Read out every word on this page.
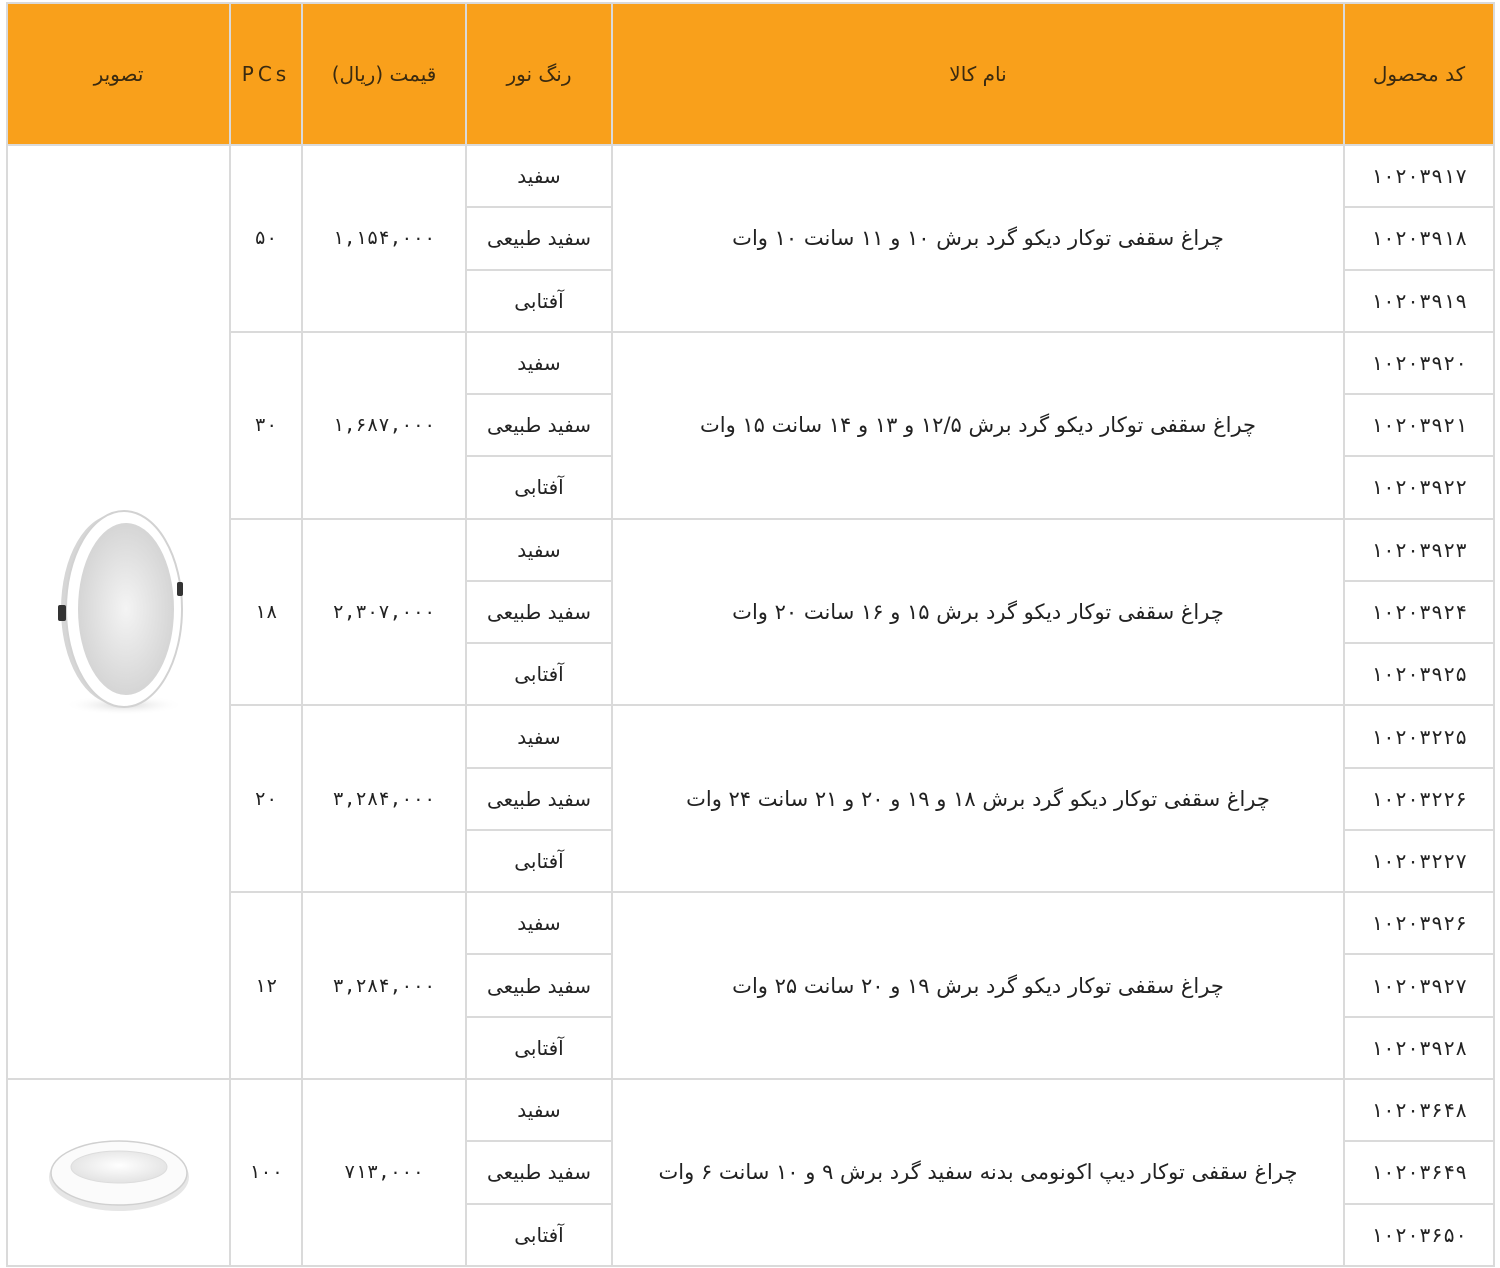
کد محصول	نام کالا	رنگ نور	قیمت (ریال)	PCs	تصویر
۱۰۲۰۳۹۱۷	چراغ سقفی توکار دیکو گرد برش ۱۰ و ۱۱ سانت ۱۰ وات	سفید	۱,۱۵۴,۰۰۰	۵۰	

۱۰۲۰۳۹۱۸		سفید طبیعی			
۱۰۲۰۳۹۱۹		آفتابی			
۱۰۲۰۳۹۲۰	چراغ سقفی توکار دیکو گرد برش ۱۲/۵ و ۱۳ و ۱۴ سانت ۱۵ وات	سفید	۱,۶۸۷,۰۰۰	۳۰	
۱۰۲۰۳۹۲۱		سفید طبیعی			
۱۰۲۰۳۹۲۲		آفتابی			
۱۰۲۰۳۹۲۳	چراغ سقفی توکار دیکو گرد برش ۱۵ و ۱۶ سانت ۲۰ وات	سفید	۲,۳۰۷,۰۰۰	۱۸	
۱۰۲۰۳۹۲۴		سفید طبیعی			
۱۰۲۰۳۹۲۵		آفتابی			
۱۰۲۰۳۲۲۵	چراغ سقفی توکار دیکو گرد برش ۱۸ و ۱۹ و ۲۰ و ۲۱ سانت ۲۴ وات	سفید	۳,۲۸۴,۰۰۰	۲۰	
۱۰۲۰۳۲۲۶		سفید طبیعی			
۱۰۲۰۳۲۲۷		آفتابی			
۱۰۲۰۳۹۲۶	چراغ سقفی توکار دیکو گرد برش ۱۹ و ۲۰ سانت ۲۵ وات	سفید	۳,۲۸۴,۰۰۰	۱۲	
۱۰۲۰۳۹۲۷		سفید طبیعی			
۱۰۲۰۳۹۲۸		آفتابی			
۱۰۲۰۳۶۴۸	چراغ سقفی توکار دیپ اکونومی بدنه سفید گرد برش ۹ و ۱۰ سانت ۶ وات	سفید	۷۱۳,۰۰۰	۱۰۰	

۱۰۲۰۳۶۴۹		سفید طبیعی			
۱۰۲۰۳۶۵۰		آفتابی			
